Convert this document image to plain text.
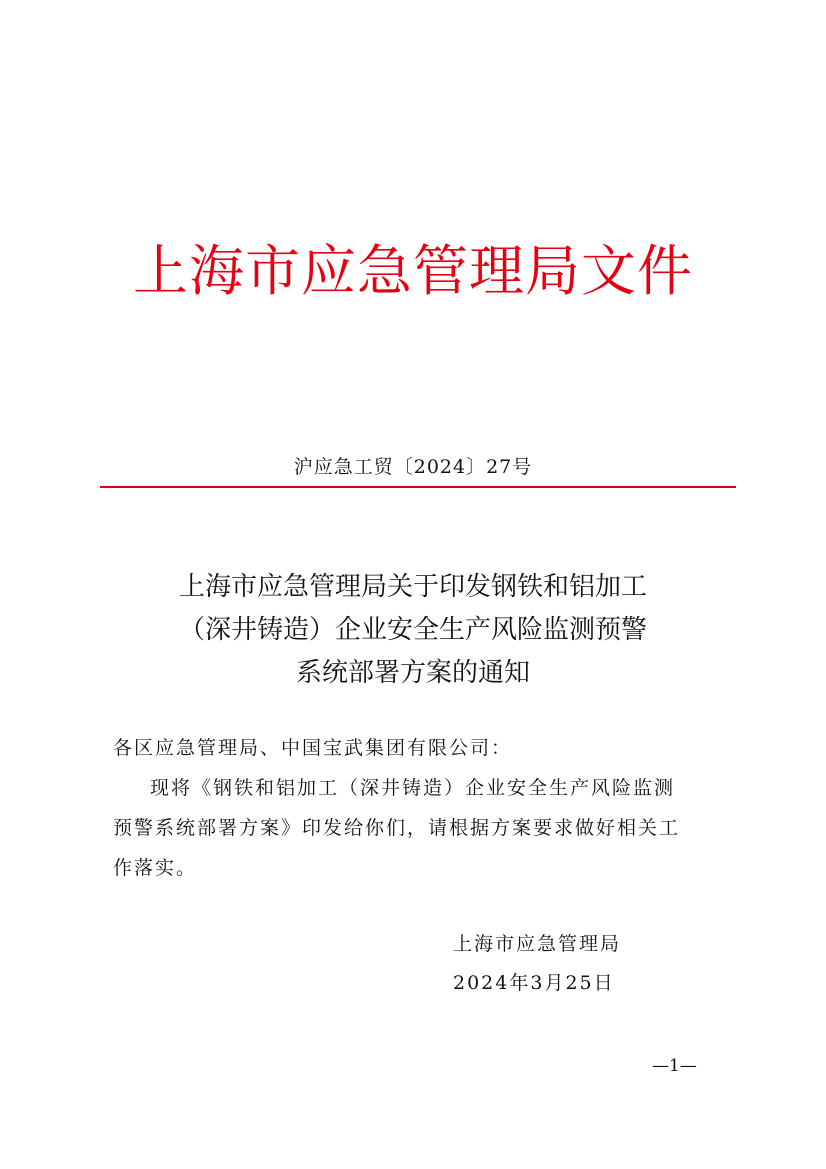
上海市应急管理局文件
沪应急工贸〔2024〕27号
上海市应急管理局关于印发钢铁和铝加工
（深井铸造）企业安全生产风险监测预警
系统部署方案的通知
各区应急管理局、中国宝武集团有限公司：
现将《钢铁和铝加工（深井铸造）企业安全生产风险监测
预警系统部署方案》印发给你们，请根据方案要求做好相关工
作落实。
上海市应急管理局
2024年3月25日
—1—
